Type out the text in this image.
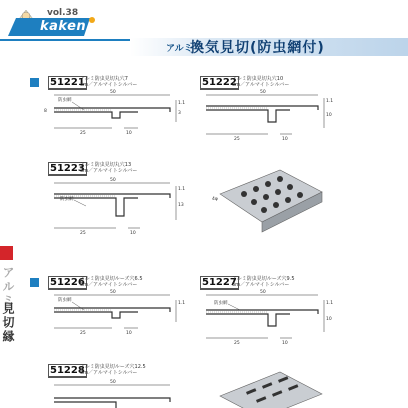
vol.38
kaken
アルミ
換気見切(防虫網付)
アルミ
見切縁
51221
アルミ防虫見切丸穴7
3m／アルマイトシルバー
50
防虫網
25	10
8
1.1
3
51222
アルミ防虫見切丸穴10
3m／アルマイトシルバー
50
25	10
1.1
10
51223
アルミ防虫見切丸穴13
3m／アルマイトシルバー
50
防虫網
25	10
1.1
13
4φ
51226
アルミ防虫見切ルーズ穴6.5
3m／アルマイトシルバー
50
防虫網
25	10
1.1
51227
アルミ防虫見切ルーズ穴9.5
3m／アルマイトシルバー
50
防虫網
25	10
1.1
10
51228
アルミ防虫見切ルーズ穴12.5
3m／アルマイトシルバー
50
